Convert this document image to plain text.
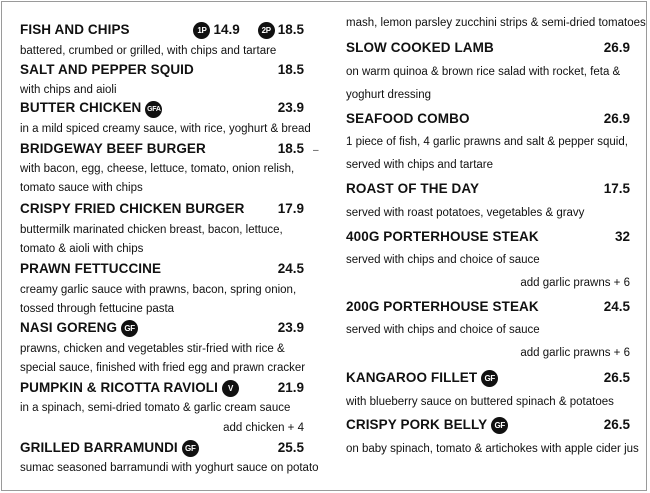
FISH AND CHIPS	1P 14.9	2P 18.5
battered, crumbed or grilled, with chips and tartare
SALT AND PEPPER SQUID	18.5
with chips and aioli
BUTTER CHICKEN GFA	23.9
in a mild spiced creamy sauce, with rice, yoghurt & bread
BRIDGEWAY BEEF BURGER	18.5
with bacon, egg, cheese, lettuce, tomato, onion relish,
tomato sauce with chips
CRISPY FRIED CHICKEN BURGER 17.9
buttermilk marinated chicken breast, bacon, lettuce,
tomato & aioli with chips
PRAWN FETTUCCINE	24.5
creamy garlic sauce with prawns, bacon, spring onion,
tossed through fettucine pasta
NASI GORENG GF	23.9
prawns, chicken and vegetables stir-fried with rice &
special sauce, finished with fried egg and prawn cracker
PUMPKIN & RICOTTA RAVIOLI V	21.9
in a spinach, semi-dried tomato & garlic cream sauce
add chicken + 4
GRILLED BARRAMUNDI GF	25.5
sumac seasoned barramundi with yoghurt sauce on potato
–
mash, lemon parsley zucchini strips & semi-dried tomatoes
SLOW COOKED LAMB	26.9
on warm quinoa & brown rice salad with rocket, feta &
yoghurt dressing
SEAFOOD COMBO	26.9
1 piece of fish, 4 garlic prawns and salt & pepper squid,
served with chips and tartare
ROAST OF THE DAY	17.5
served with roast potatoes, vegetables & gravy
400G PORTERHOUSE STEAK	32
served with chips and choice of sauce
add garlic prawns + 6
200G PORTERHOUSE STEAK	24.5
served with chips and choice of sauce
add garlic prawns + 6
KANGAROO FILLET GF	26.5
with blueberry sauce on buttered spinach & potatoes
CRISPY PORK BELLY GF	26.5
on baby spinach, tomato & artichokes with apple cider jus
